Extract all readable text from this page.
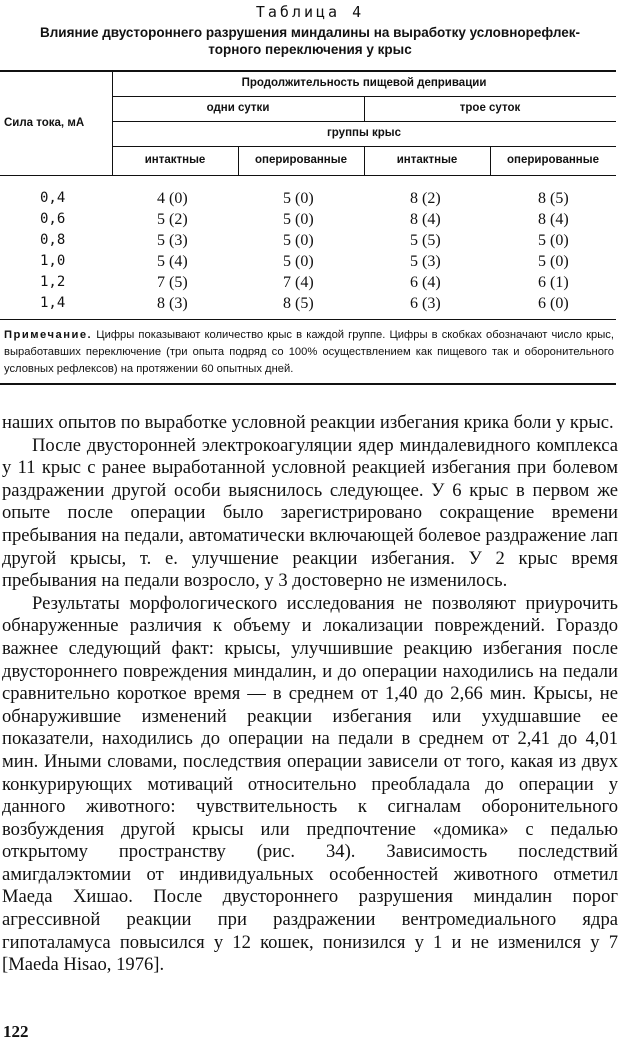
Таблица 4
Влияние двустороннего разрушения миндалины на выработку условнорефлек-
торного переключения у крыс
Сила тока, мА
Продолжительность пищевой депривации
одни сутки	трое суток
группы крыс
интактные	оперированные	интактные	оперированные
0,4	4 (0)	5 (0)	8 (2)	8 (5)
0,6	5 (2)	5 (0)	8 (4)	8 (4)
0,8	5 (3)	5 (0)	5 (5)	5 (0)
1,0	5 (4)	5 (0)	5 (3)	5 (0)
1,2	7 (5)	7 (4)	6 (4)	6 (1)
1,4	8 (3)	8 (5)	6 (3)	6 (0)
Примечание. Цифры показывают количество крыс в каждой группе. Цифры в скобках обозначают число крыс, выработавших переключение (три опыта подряд со 100% осуществлением как пищевого так и оборонительного условных рефлексов) на протяжении 60 опытных дней.

наших опытов по выработке условной реакции избегания крика боли у крыс.

После двусторонней электрокоагуляции ядер миндалевидного комплекса у 11 крыс с ранее выработанной условной реакцией избегания при болевом раздражении другой особи выяснилось следующее. У 6 крыс в первом же опыте после операции было зарегистрировано сокращение времени пребывания на педали, автоматически включающей болевое раздражение лап другой крысы, т. е. улучшение реакции избегания. У 2 крыс время пребывания на педали возросло, у 3 достоверно не изменилось.

Результаты морфологического исследования не позволяют приурочить обнаруженные различия к объему и локализации повреждений. Гораздо важнее следующий факт: крысы, улучшившие реакцию избегания после двустороннего повреждения миндалин, и до операции находились на педали сравнительно короткое время — в среднем от 1,40 до 2,66 мин. Крысы, не обнаружившие изменений реакции избегания или ухудшавшие ее показатели, находились до операции на педали в среднем от 2,41 до 4,01 мин. Иными словами, последствия операции зависели от того, какая из двух конкурирующих мотиваций относительно преобладала до операции у данного животного: чувствительность к сигналам оборонительного возбуждения другой крысы или предпочтение «домика» с педалью открытому пространству (рис. 34). Зависимость последствий амигдалэктомии от индивидуальных особенностей животного отметил Маеда Хишао. После двустороннего разрушения миндалин порог агрессивной реакции при раздражении вентромедиального ядра гипоталамуса повысился у 12 кошек, понизился у 1 и не изменился у 7 [Maeda Hisao, 1976].

122
